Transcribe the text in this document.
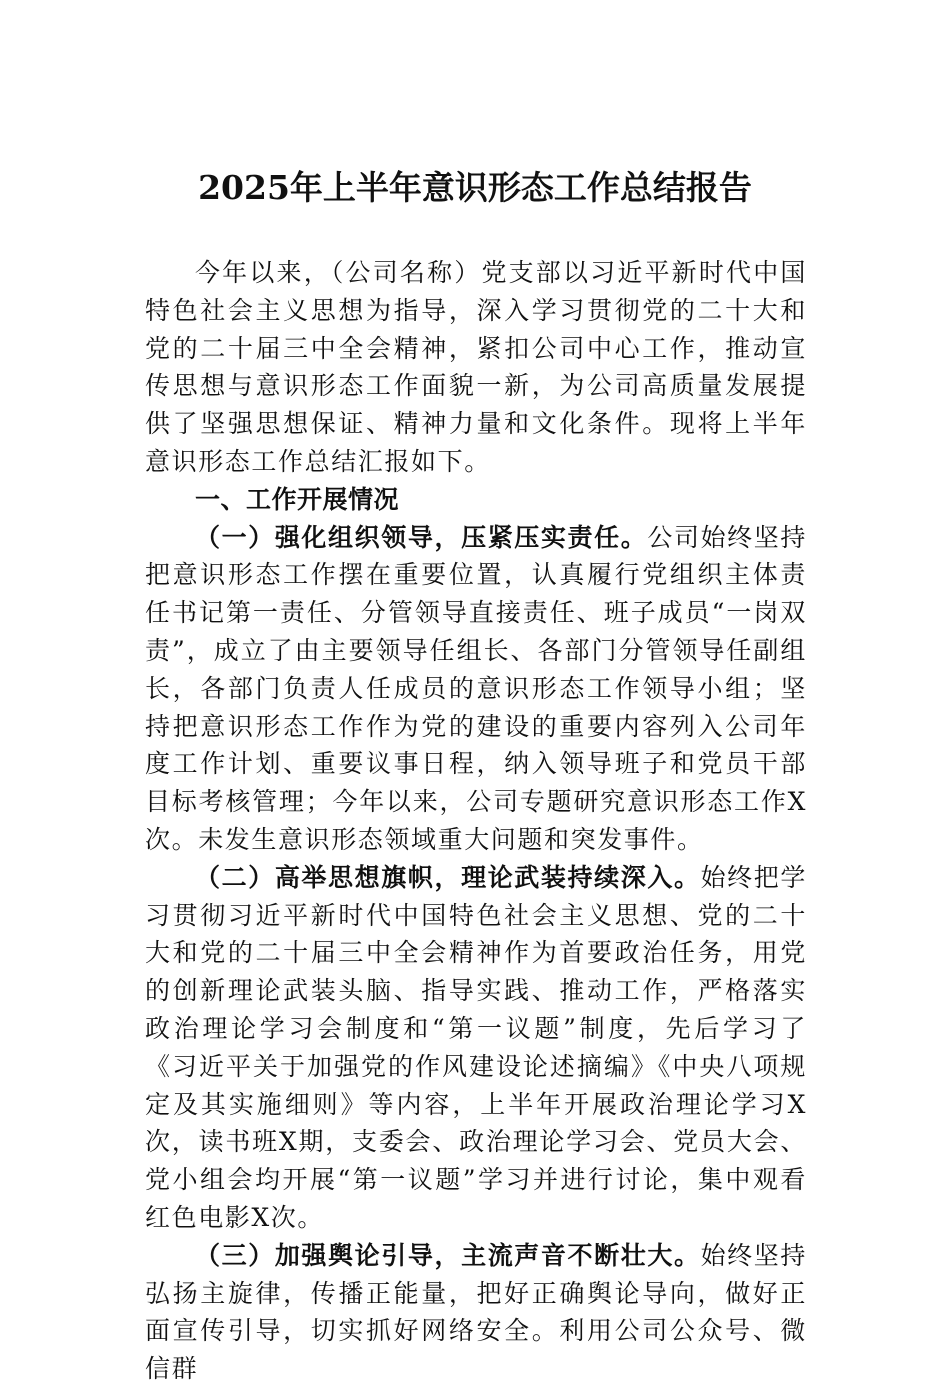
2025年上半年意识形态工作总结报告

今年以来，（公司名称）党支部以习近平新时代中国特色社会主义思想为指导，深入学习贯彻党的二十大和党的二十届三中全会精神，紧扣公司中心工作，推动宣传思想与意识形态工作面貌一新，为公司高质量发展提供了坚强思想保证、精神力量和文化条件。现将上半年意识形态工作总结汇报如下。

一、工作开展情况

（一）强化组织领导，压紧压实责任。公司始终坚持把意识形态工作摆在重要位置，认真履行党组织主体责任书记第一责任、分管领导直接责任、班子成员“一岗双责”，成立了由主要领导任组长、各部门分管领导任副组长，各部门负责人任成员的意识形态工作领导小组；坚持把意识形态工作作为党的建设的重要内容列入公司年度工作计划、重要议事日程，纳入领导班子和党员干部目标考核管理；今年以来，公司专题研究意识形态工作X次。未发生意识形态领域重大问题和突发事件。

（二）高举思想旗帜，理论武装持续深入。始终把学习贯彻习近平新时代中国特色社会主义思想、党的二十大和党的二十届三中全会精神作为首要政治任务，用党的创新理论武装头脑、指导实践、推动工作，严格落实政治理论学习会制度和“第一议题”制度，先后学习了《习近平关于加强党的作风建设论述摘编》《中央八项规定及其实施细则》等内容，上半年开展政治理论学习X次，读书班X期，支委会、政治理论学习会、党员大会、党小组会均开展“第一议题”学习并进行讨论，集中观看红色电影X次。

（三）加强舆论引导，主流声音不断壮大。始终坚持弘扬主旋律，传播正能量，把好正确舆论导向，做好正面宣传引导，切实抓好网络安全。利用公司公众号、微信群
